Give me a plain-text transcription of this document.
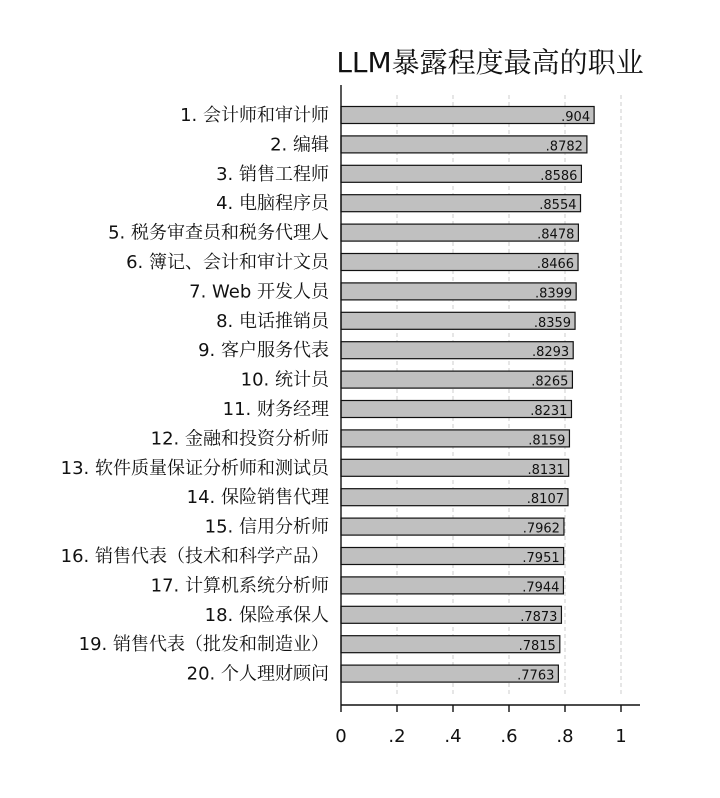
LLM暴露程度最高的职业
1. 会计师和审计师
2. 编辑
3. 销售工程师
4. 电脑程序员
5. 税务审查员和税务代理人
6. 簿记、会计和审计文员
7. Web 开发人员
8. 电话推销员
9. 客户服务代表
10. 统计员
11. 财务经理
12. 金融和投资分析师
13. 软件质量保证分析师和测试员
14. 保险销售代理
15. 信用分析师
16. 销售代表（技术和科学产品）
17. 计算机系统分析师
18. 保险承保人
19. 销售代表（批发和制造业）
20. 个人理财顾问
.904
.8782
.8586
.8554
.8478
.8466
.8399
.8359
.8293
.8265
.8231
.8159
.8131
.8107
.7962
.7951
.7944
.7873
.7815
.7763
0 .2 .4 .6 .8 1
